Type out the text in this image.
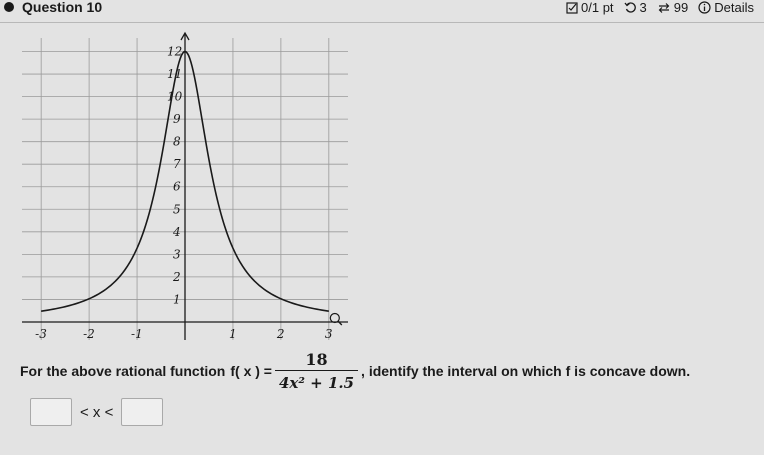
Question 10	0/1 pt 3 99 Details
-3	-2	-1	1	2	3
1
2
3
4
5
6
7
8
9
10
11
12
For the above rational function f( x ) = $\frac{18}{\text{4x² + 1.5}}$ , identify the interval on which f is concave down.
< x <
